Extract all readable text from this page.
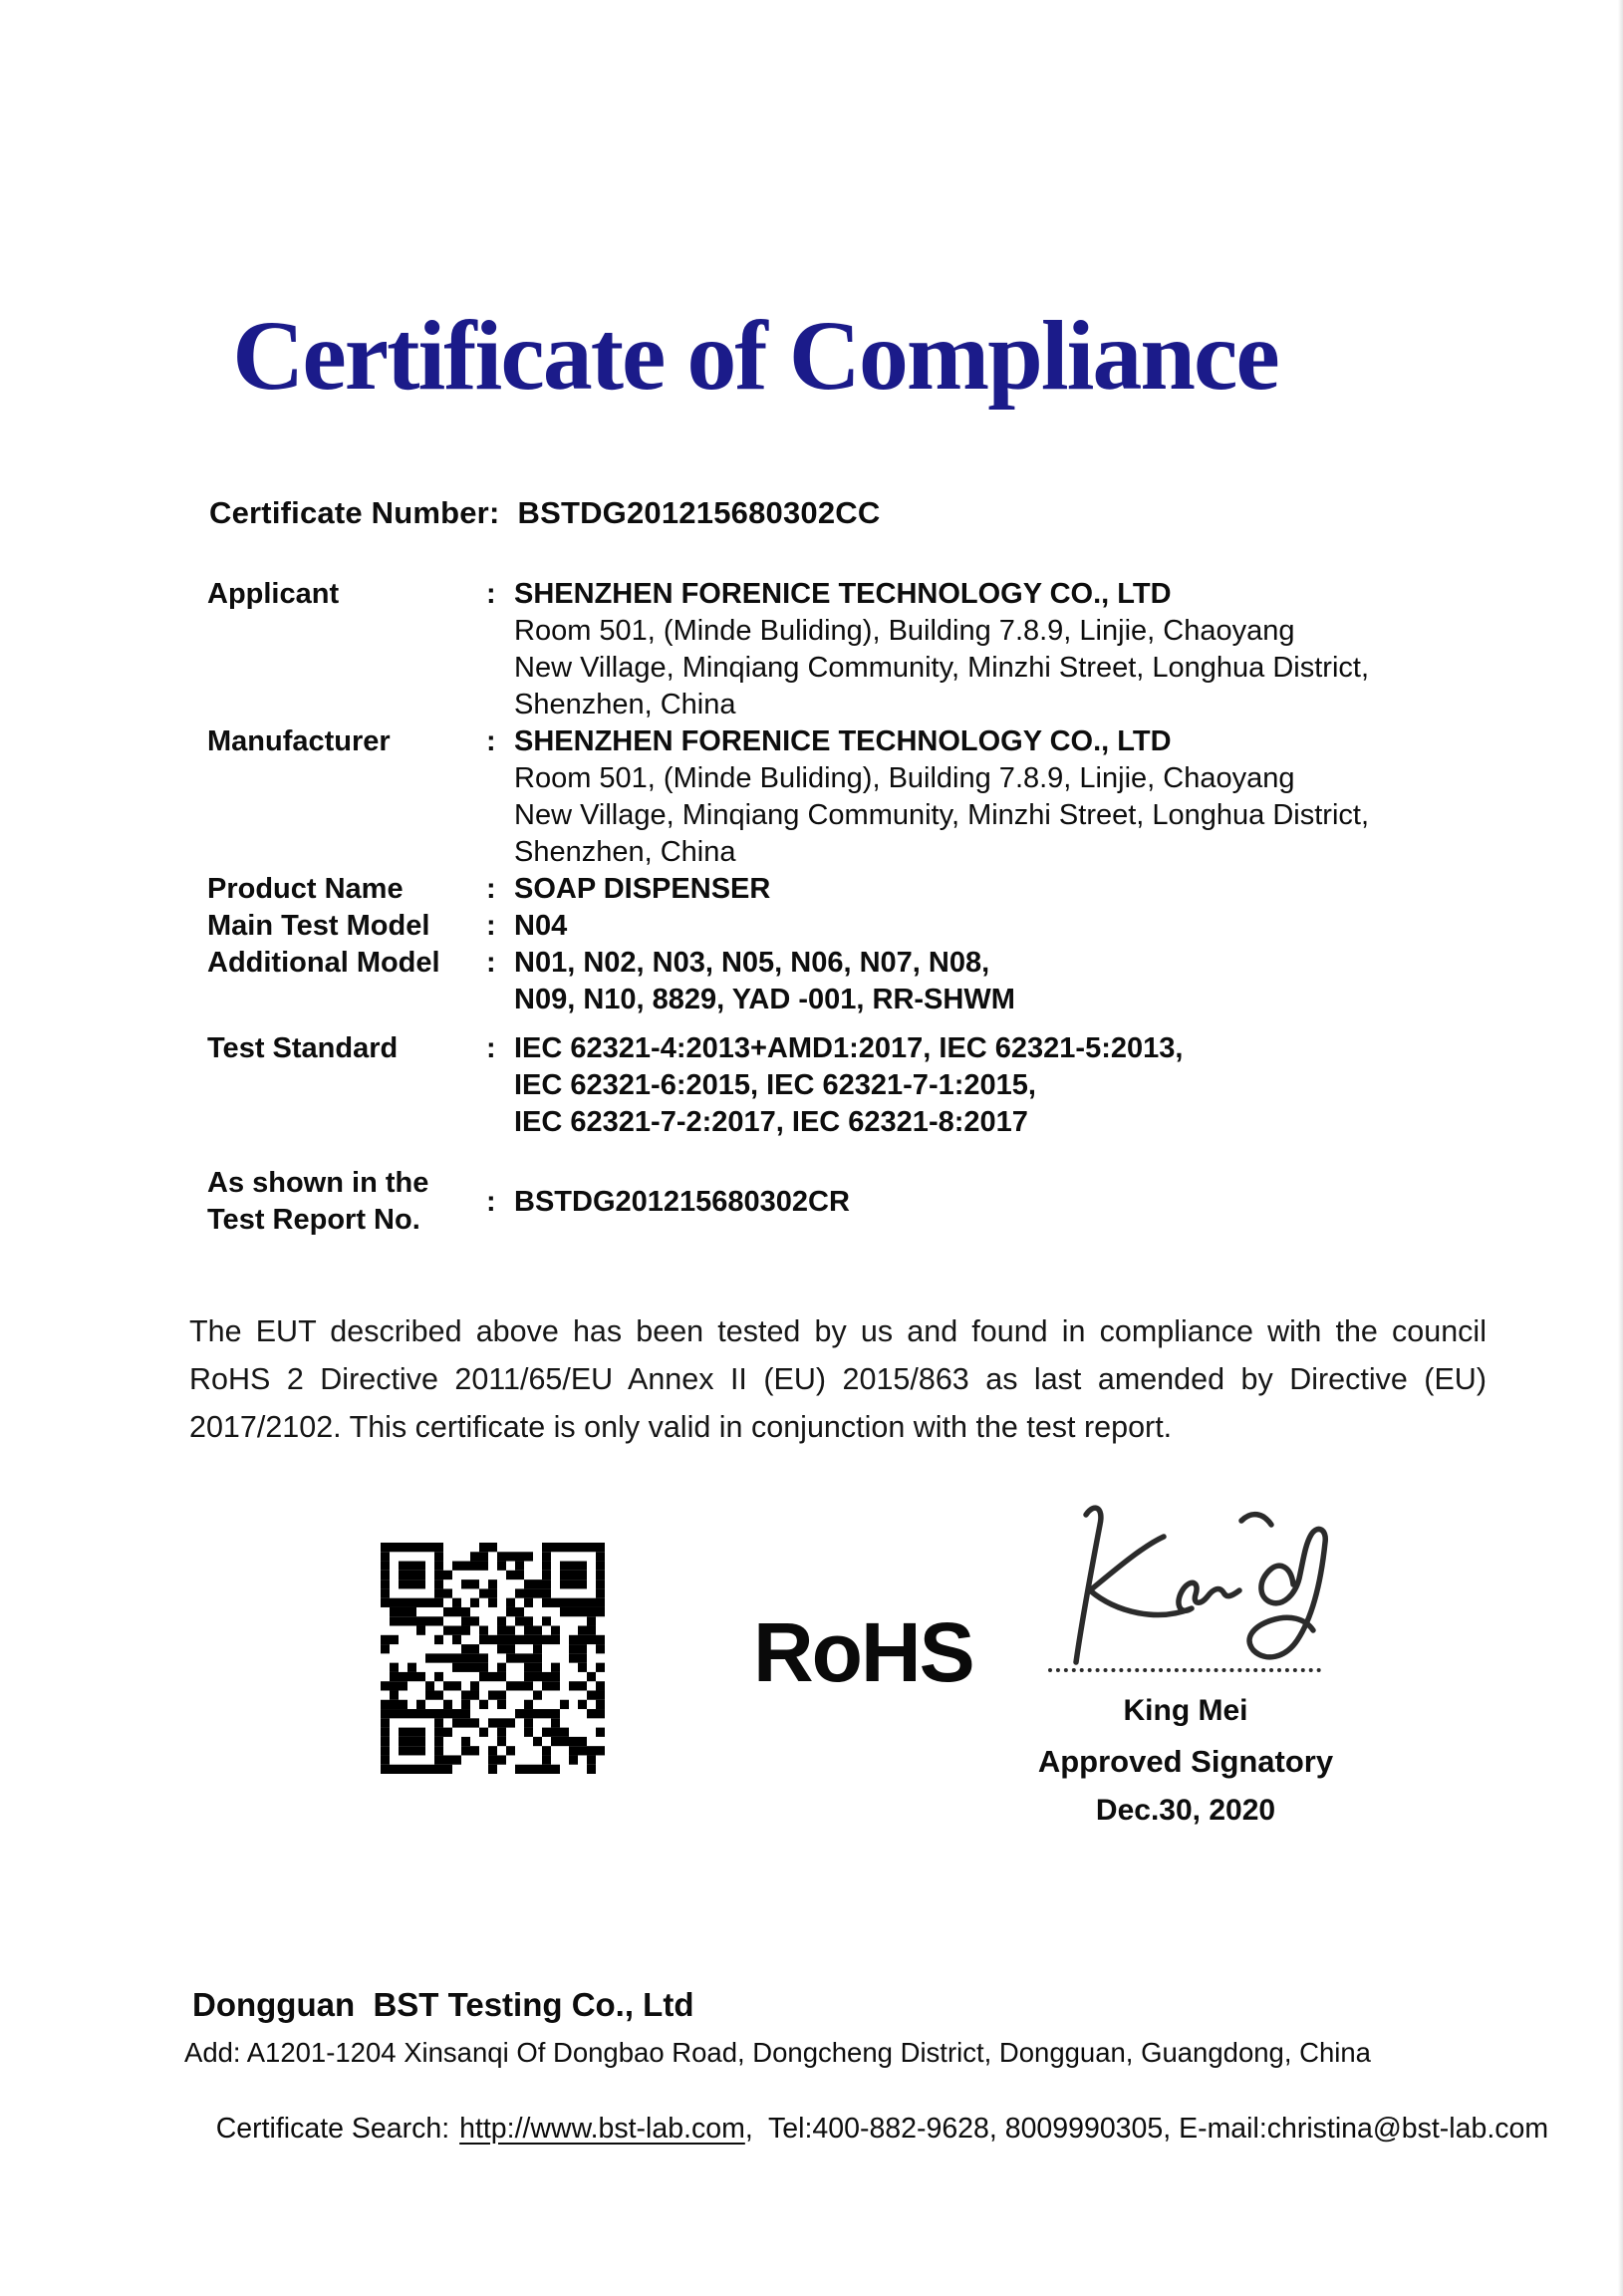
Certificate of Compliance
Certificate Number: BSTDG201215680302CC
Applicant	: SHENZHEN FORENICE TECHNOLOGY CO., LTD
Room 501, (Minde Buliding), Building 7.8.9, Linjie, Chaoyang
New Village, Minqiang Community, Minzhi Street, Longhua District,
Shenzhen, China
Manufacturer	: SHENZHEN FORENICE TECHNOLOGY CO., LTD
Room 501, (Minde Buliding), Building 7.8.9, Linjie, Chaoyang
New Village, Minqiang Community, Minzhi Street, Longhua District,
Shenzhen, China
Product Name	: SOAP DISPENSER
Main Test Model	: N04
Additional Model	: N01, N02, N03, N05, N06, N07, N08,
N09, N10, 8829, YAD -001, RR-SHWM
Test Standard	: IEC 62321-4:2013+AMD1:2017, IEC 62321-5:2013,
IEC 62321-6:2015, IEC 62321-7-1:2015,
IEC 62321-7-2:2017, IEC 62321-8:2017
As shown in the
Test Report No.
: BSTDG201215680302CR
The EUT described above has been tested by us and found in compliance with the council RoHS 2 Directive 2011/65/EU Annex II (EU) 2015/863 as last amended by Directive (EU) 2017/2102. This certificate is only valid in conjunction with the test report.
RoHS
King Mei
Approved Signatory
Dec.30, 2020
Dongguan  BST Testing Co., Ltd
Add: A1201-1204 Xinsanqi Of Dongbao Road, Dongcheng District, Dongguan, Guangdong, China

Certificate Search: http://www.bst-lab.com,  Tel:400-882-9628, 8009990305, E-mail:christina@bst-lab.com
